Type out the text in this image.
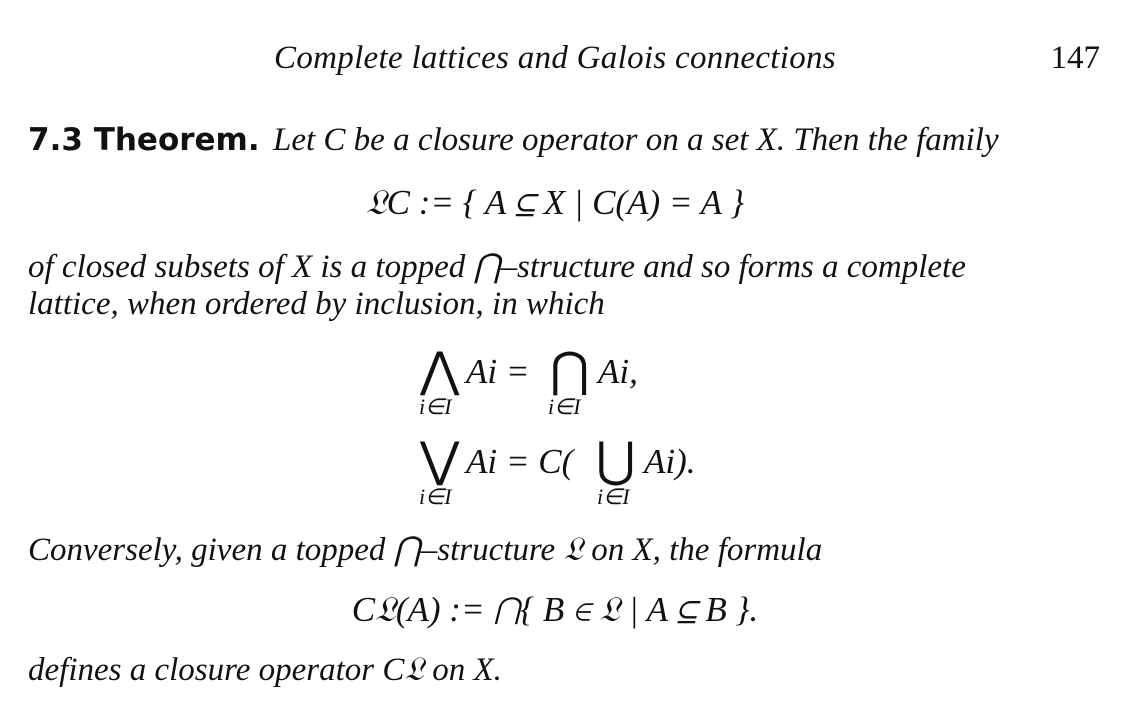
Complete lattices and Galois connections	147
7.3 Theorem. Let C be a closure operator on a set X. Then the family
𝔏C := { A ⊆ X | C(A) = A }
of closed subsets of X is a topped ⋂–structure and so forms a complete
lattice, when ordered by inclusion, in which
⋀ Ai = ⋂ Ai,
i∈I	i∈I
⋁ Ai = C( ⋃ Ai).
i∈I	i∈I
Conversely, given a topped ⋂–structure 𝔏 on X, the formula
C𝔏(A) := ⋂{ B ∈ 𝔏 | A ⊆ B }.
defines a closure operator C𝔏 on X.
